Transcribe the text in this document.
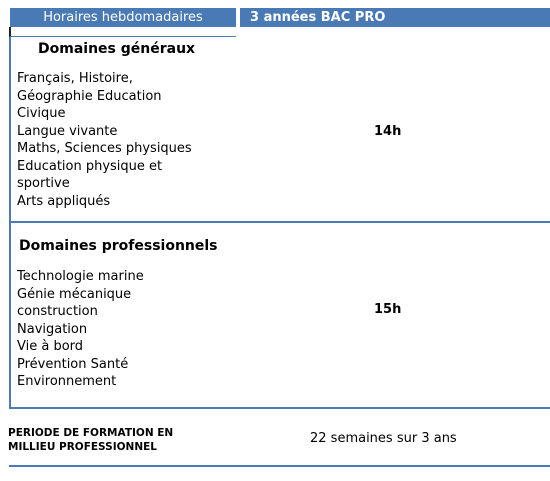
Horaires hebdomadaires	3 années BAC PRO
Domaines généraux
Français, Histoire,
Géographie Education
Civique
Langue vivante
Maths, Sciences physiques
Education physique et
sportive
Arts appliqués
14h
Domaines professionnels
Technologie marine
Génie mécanique
construction
Navigation
Vie à bord
Prévention Santé
Environnement
15h
PERIODE DE FORMATION EN
MILLIEU PROFESSIONNEL
22 semaines sur 3 ans
